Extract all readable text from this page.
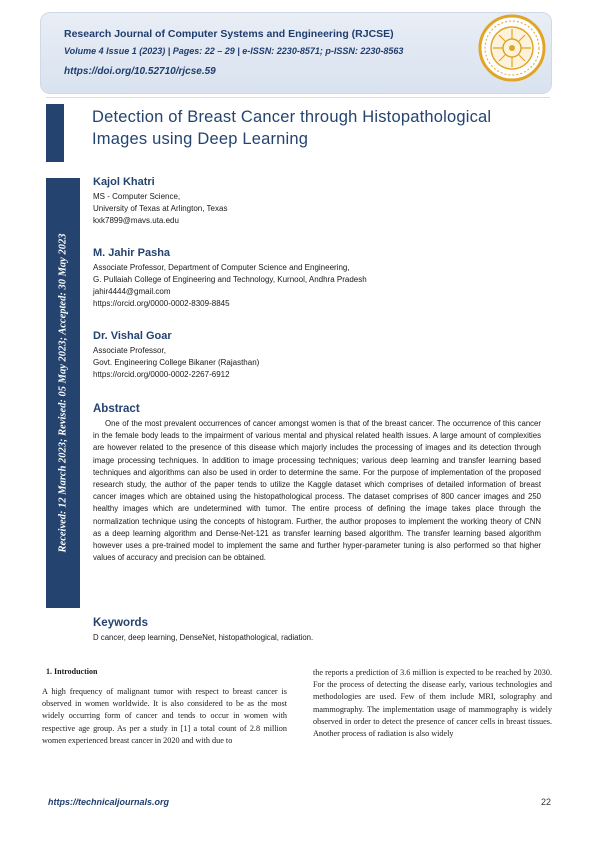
Research Journal of Computer Systems and Engineering (RJCSE)
Volume 4 Issue 1 (2023) | Pages: 22 – 29 | e-ISSN: 2230-8571; p-ISSN: 2230-8563
https://doi.org/10.52710/rjcse.59
Detection of Breast Cancer through Histopathological Images using Deep Learning
Received: 12 March 2023; Revised: 05 May 2023; Accepted: 30 May 2023
Kajol Khatri
MS - Computer Science,
University of Texas at Arlington, Texas
kxk7899@mavs.uta.edu
M. Jahir Pasha
Associate Professor, Department of Computer Science and Engineering,
G. Pullaiah College of Engineering and Technology, Kurnool, Andhra Pradesh
jahir4444@gmail.com
https://orcid.org/0000-0002-8309-8845
Dr. Vishal Goar
Associate Professor,
Govt. Engineering College Bikaner (Rajasthan)
https://orcid.org/0000-0002-2267-6912
Abstract
One of the most prevalent occurrences of cancer amongst women is that of the breast cancer. The occurrence of this cancer in the female body leads to the impairment of various mental and physical related health issues. A large amount of complexities are however related to the presence of this disease which majorly includes the processing of images and its detection through image processing techniques. In addition to image processing techniques; various deep learning and transfer learning based techniques and algorithms can also be used in order to determine the same. For the purpose of implementation of the proposed research study, the author of the paper tends to utilize the Kaggle dataset which comprises of detailed information of breast cancer images which are obtained using the histopathological process. The dataset comprises of 800 cancer images and 250 healthy images which are undetermined with tumor. The entire process of defining the image takes place through the normalization technique using the concepts of histogram. Further, the author proposes to implement the working theory of CNN as a deep learning algorithm and Dense-Net-121 as transfer learning based algorithm. The transfer learning based algorithm however uses a pre-trained model to implement the same and further hyper-parameter tuning is also performed so that higher values of accuracy and precision can be obtained.
Keywords
D cancer, deep learning, DenseNet, histopathological, radiation.
1. Introduction
A high frequency of malignant tumor with respect to breast cancer is observed in women worldwide. It is also considered to be as the most widely occurring form of cancer and tends to occur in women with respective age group. As per a study in [1] a total count of 2.8 million women experienced breast cancer in 2020 and with due to
the reports a prediction of 3.6 million is expected to be reached by 2030. For the process of detecting the disease early, various technologies and methodologies are used. Few of them include MRI, solography and mammography. The implementation usage of mammography is widely observed in order to detect the presence of cancer cells in breast tissues. Another process of radiation is also widely
https://technicaljournals.org	22
